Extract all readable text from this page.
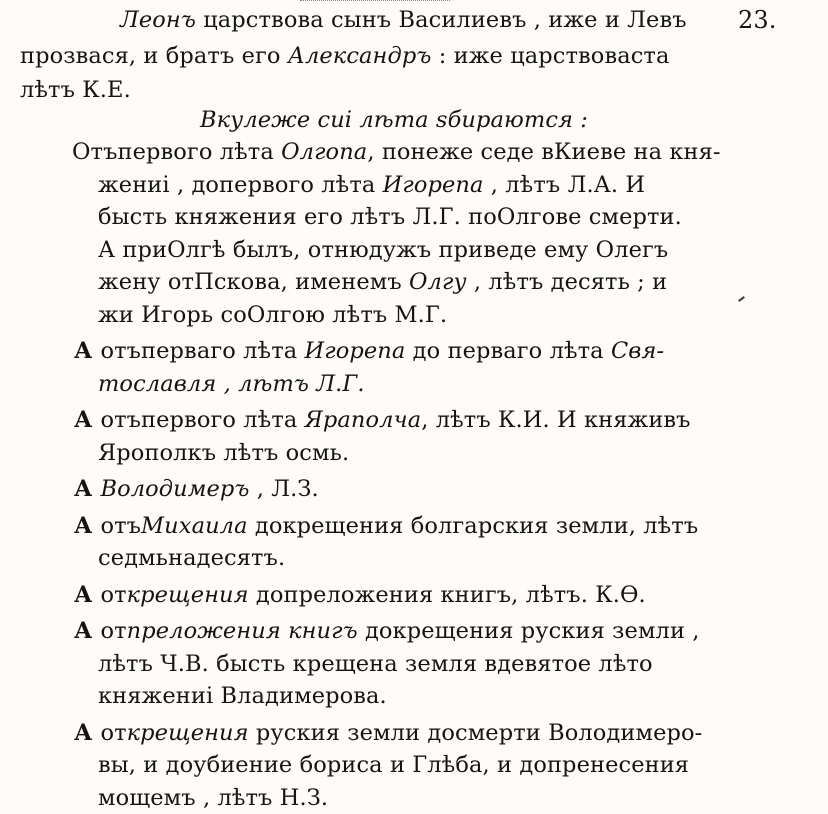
Леонъ царствова сынъ Василиевъ , иже и Левъ 23.
прозвася, и братъ его Александръ : иже царствоваста
лѣтъ К.Е.
Вкулеже сиі лѣта sбираются :
Отъпервого лѣта Олгопа, понеже седе вКиеве на кня-
жениі , допервого лѣта Игорепа , лѣтъ Л.А. И
бысть княжения его лѣтъ Л.Г. поОлгове смерти.
А приОлгѣ былъ, отнюдужъ приведе ему Олегъ
жену отПскова, именемъ Олгу , лѣтъ десять ; и
жи Игорь соОлгою лѣтъ М.Г.
А отъперваго лѣта Игорепа до перваго лѣта Свя-
тославля , лѣтъ Л.Г.
А отъпервого лѣта Яраполча, лѣтъ К.И. И княживъ
Ярополкъ лѣтъ осмь.
А Володимеръ , Л.З.
А отъМихаила докрещения болгарския земли, лѣтъ
седмьнадесятъ.
А открещения допреложения книгъ, лѣтъ. К.Ѳ.
А отпреложения книгъ докрещения руския земли ,
лѣтъ Ч.В. бысть крещена земля вдевятое лѣто
княжениі Владимерова.
А открещения руския земли досмерти Володимеро-
вы, и доубиение бориса и Глѣба, и допренесения
мощемъ , лѣтъ Н.З.
